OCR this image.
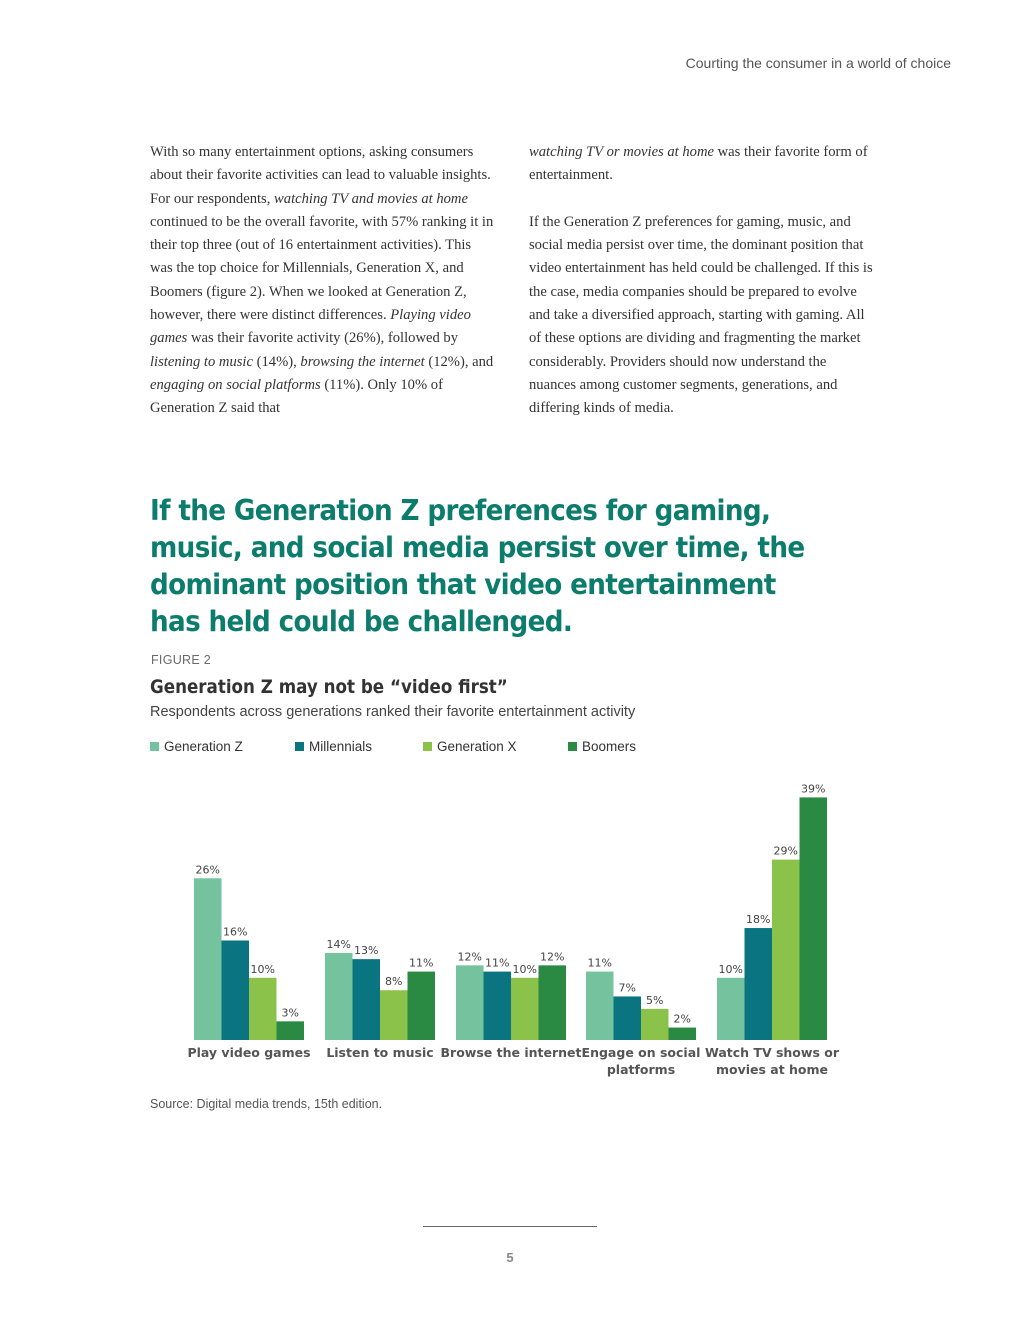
Courting the consumer in a world of choice

With so many entertainment options, asking consumers about their favorite activities can lead to valuable insights. For our respondents, watching TV and movies at home continued to be the overall favorite, with 57% ranking it in their top three (out of 16 entertainment activities). This was the top choice for Millennials, Generation X, and Boomers (figure 2). When we looked at Generation Z, however, there were distinct differences. Playing video games was their favorite activity (26%), followed by listening to music (14%), browsing the internet (12%), and engaging on social platforms (11%). Only 10% of Generation Z said that

watching TV or movies at home was their favorite form of entertainment.

If the Generation Z preferences for gaming, music, and social media persist over time, the dominant position that video entertainment has held could be challenged. If this is the case, media companies should be prepared to evolve and take a diversified approach, starting with gaming. All of these options are dividing and fragmenting the market considerably. Providers should now understand the nuances among customer segments, generations, and differing kinds of media.

If the Generation Z preferences for gaming, music, and social media persist over time, the dominant position that video entertainment has held could be challenged.
FIGURE 2
Generation Z may not be “video first”
Respondents across generations ranked their favorite entertainment activity
Generation Z	Millennials	Generation X	Boomers
26%
16%
10%
3%
Play video games
14% 13%
8%
11%
Listen to music
12% 11% 10%
12%
Browse the internet
11%
7%
5%
2%
Engage on social
platforms
10%
18%
29%
39%
Watch TV shows or
movies at home
Source: Digital media trends, 15th edition.
5
